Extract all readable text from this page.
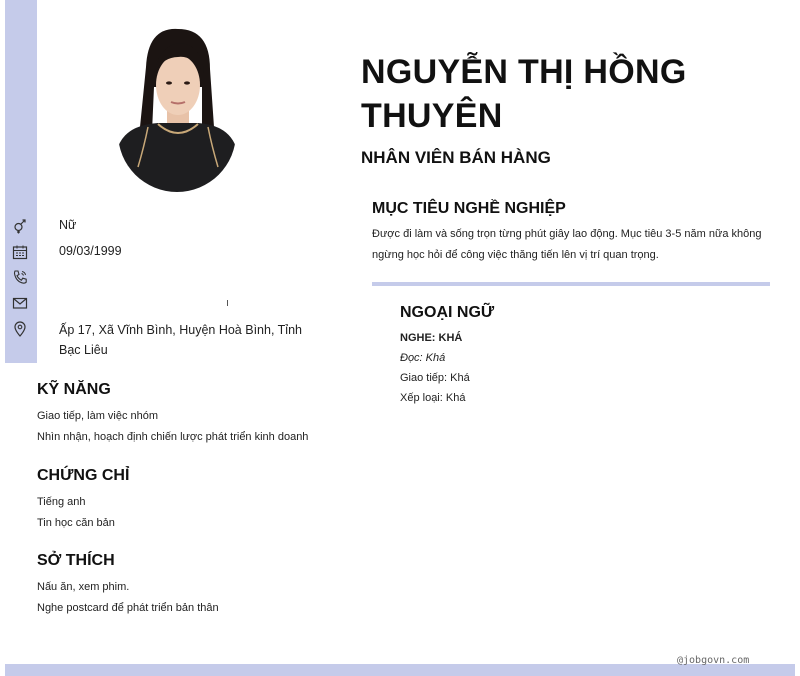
Nữ
09/03/1999
Ấp 17, Xã Vĩnh Bình, Huyện Hoà Bình, Tỉnh Bạc Liêu
NGUYỄN THỊ HỒNG THUYÊN
NHÂN VIÊN BÁN HÀNG
MỤC TIÊU NGHỀ NGHIỆP
Được đi làm và sống trọn từng phút giây lao động. Mục tiêu 3-5 năm nữa không ngừng học hỏi để công việc thăng tiến lên vị trí quan trọng.
NGOẠI NGỮ
NGHE: KHÁ
Đọc: Khá
Giao tiếp: Khá
Xếp loại: Khá
KỸ NĂNG
Giao tiếp, làm việc nhóm
Nhìn nhận, hoạch định chiến lược phát triển kinh doanh
CHỨNG CHỈ
Tiếng anh
Tin học căn bản
SỞ THÍCH
Nấu ăn, xem phim.
Nghe postcard để phát triển bản thân
@jobgovn.com
